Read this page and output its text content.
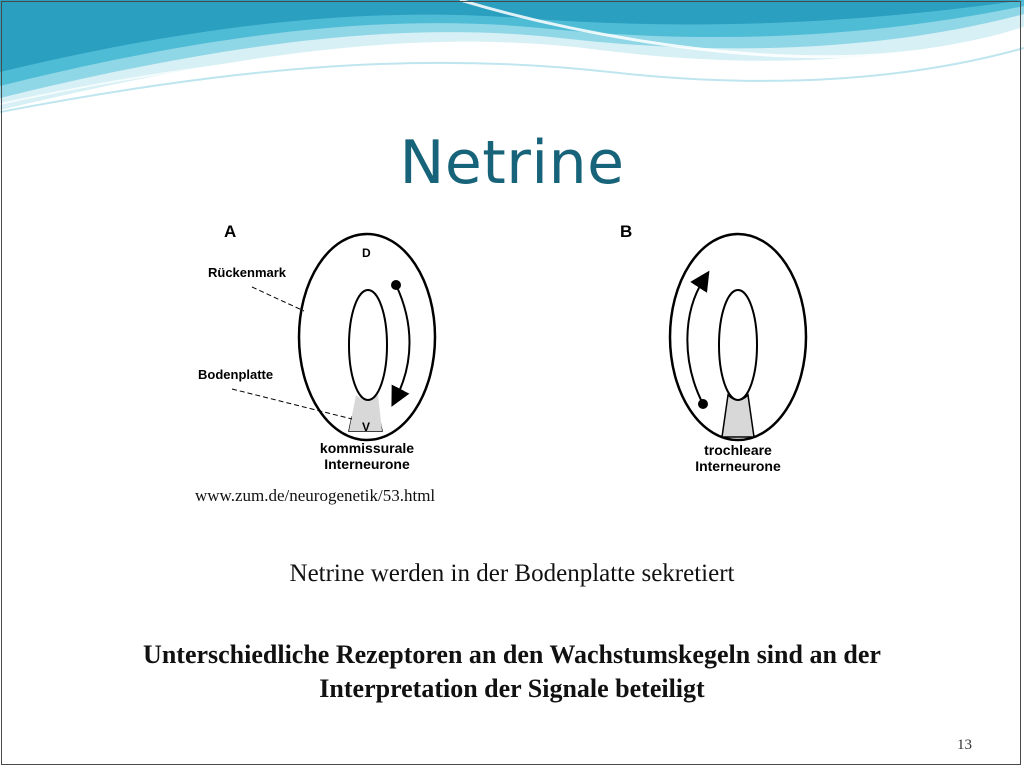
Netrine
A
D
V
Rückenmark
Bodenplatte
kommissurale
Interneurone
B
trochleare
Interneurone
www.zum.de/neurogenetik/53.html
Netrine werden in der Bodenplatte sekretiert
Unterschiedliche Rezeptoren an den Wachstumskegeln sind an der Interpretation der Signale beteiligt
13
